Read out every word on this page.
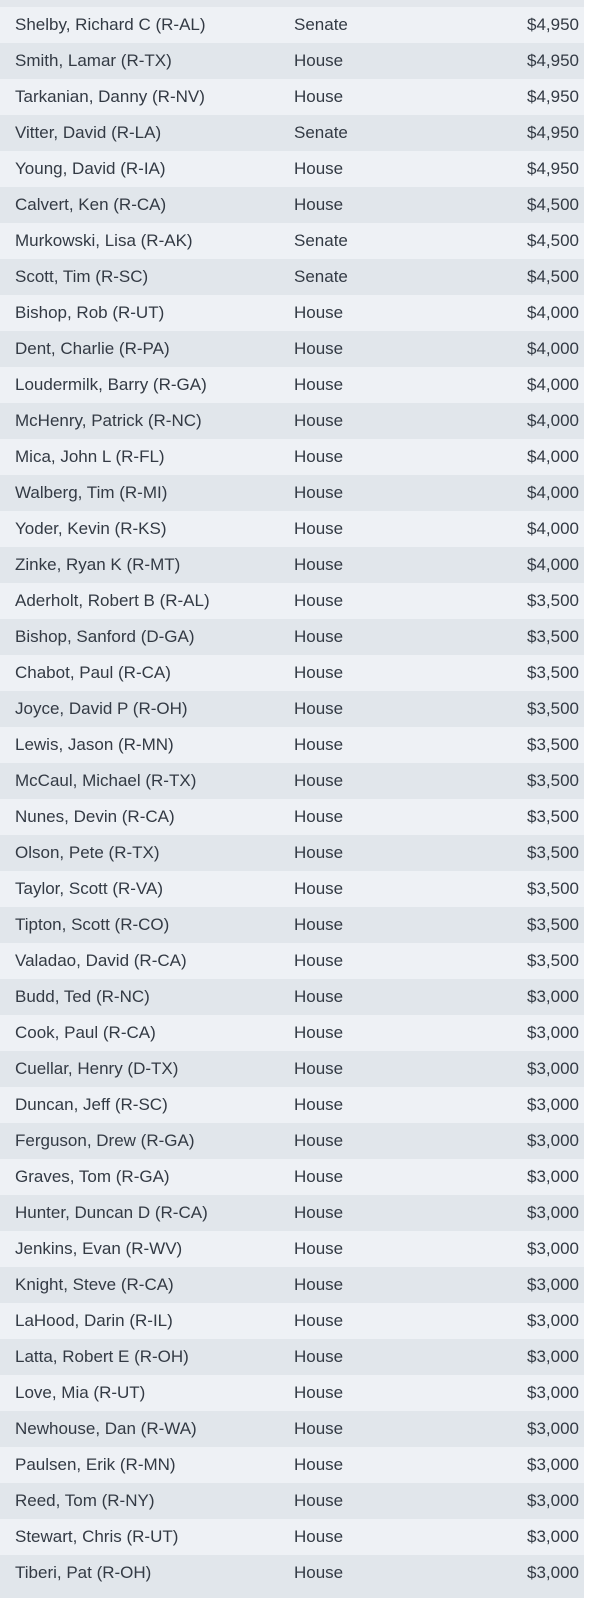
Shelby, Richard C (R-AL)	Senate	$4,950
Smith, Lamar (R-TX)	House	$4,950
Tarkanian, Danny (R-NV)	House	$4,950
Vitter, David (R-LA)	Senate	$4,950
Young, David (R-IA)	House	$4,950
Calvert, Ken (R-CA)	House	$4,500
Murkowski, Lisa (R-AK)	Senate	$4,500
Scott, Tim (R-SC)	Senate	$4,500
Bishop, Rob (R-UT)	House	$4,000
Dent, Charlie (R-PA)	House	$4,000
Loudermilk, Barry (R-GA)	House	$4,000
McHenry, Patrick (R-NC)	House	$4,000
Mica, John L (R-FL)	House	$4,000
Walberg, Tim (R-MI)	House	$4,000
Yoder, Kevin (R-KS)	House	$4,000
Zinke, Ryan K (R-MT)	House	$4,000
Aderholt, Robert B (R-AL)	House	$3,500
Bishop, Sanford (D-GA)	House	$3,500
Chabot, Paul (R-CA)	House	$3,500
Joyce, David P (R-OH)	House	$3,500
Lewis, Jason (R-MN)	House	$3,500
McCaul, Michael (R-TX)	House	$3,500
Nunes, Devin (R-CA)	House	$3,500
Olson, Pete (R-TX)	House	$3,500
Taylor, Scott (R-VA)	House	$3,500
Tipton, Scott (R-CO)	House	$3,500
Valadao, David (R-CA)	House	$3,500
Budd, Ted (R-NC)	House	$3,000
Cook, Paul (R-CA)	House	$3,000
Cuellar, Henry (D-TX)	House	$3,000
Duncan, Jeff (R-SC)	House	$3,000
Ferguson, Drew (R-GA)	House	$3,000
Graves, Tom (R-GA)	House	$3,000
Hunter, Duncan D (R-CA)	House	$3,000
Jenkins, Evan (R-WV)	House	$3,000
Knight, Steve (R-CA)	House	$3,000
LaHood, Darin (R-IL)	House	$3,000
Latta, Robert E (R-OH)	House	$3,000
Love, Mia (R-UT)	House	$3,000
Newhouse, Dan (R-WA)	House	$3,000
Paulsen, Erik (R-MN)	House	$3,000
Reed, Tom (R-NY)	House	$3,000
Stewart, Chris (R-UT)	House	$3,000
Tiberi, Pat (R-OH)	House	$3,000
